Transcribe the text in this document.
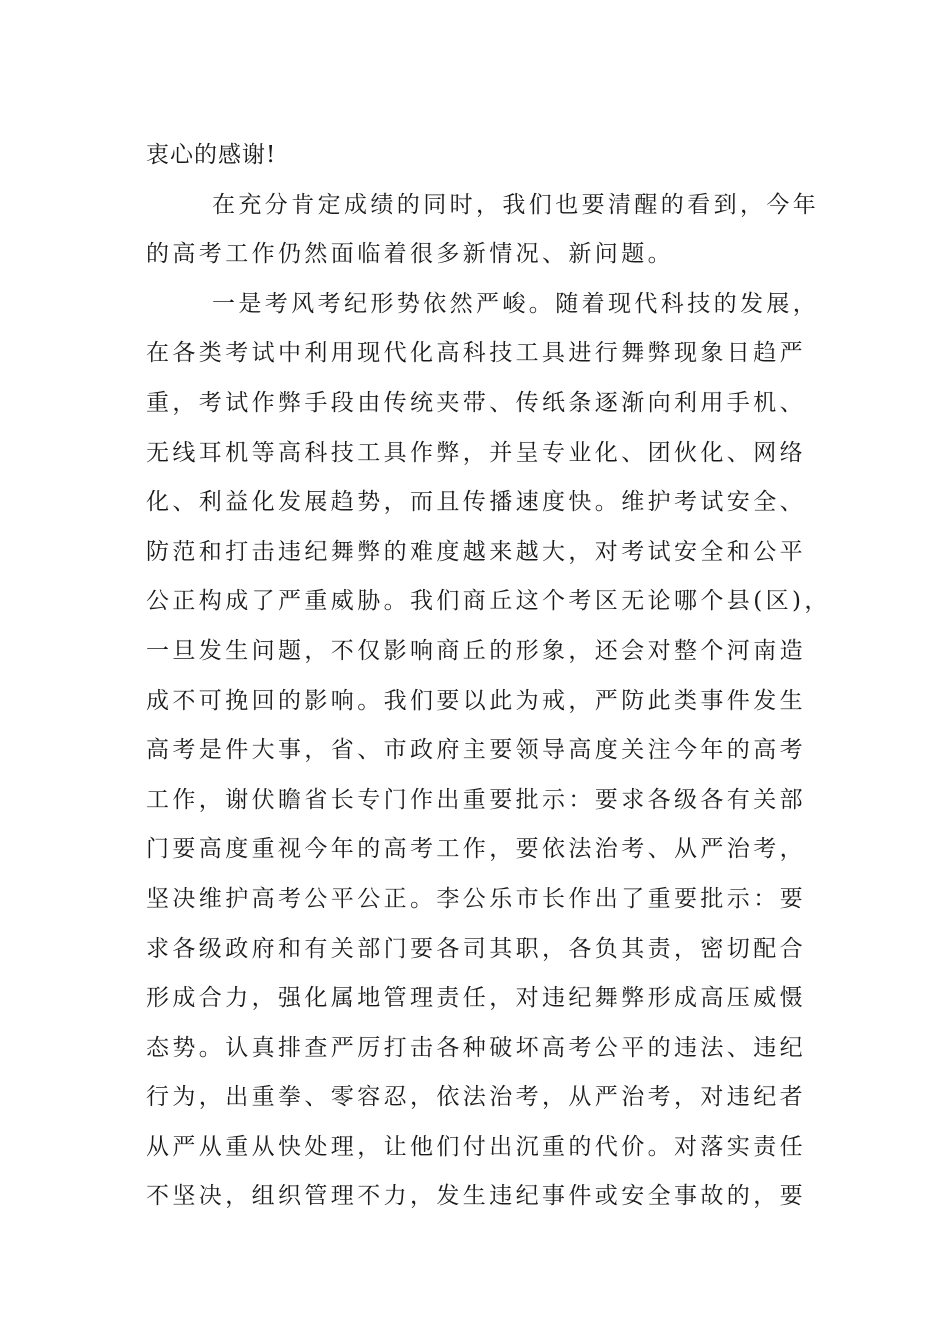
衷心的感谢!
在充分肯定成绩的同时，我们也要清醒的看到，今年
的高考工作仍然面临着很多新情况、新问题。
一是考风考纪形势依然严峻。随着现代科技的发展，
在各类考试中利用现代化高科技工具进行舞弊现象日趋严
重，考试作弊手段由传统夹带、传纸条逐渐向利用手机、
无线耳机等高科技工具作弊，并呈专业化、团伙化、网络
化、利益化发展趋势，而且传播速度快。维护考试安全、
防范和打击违纪舞弊的难度越来越大，对考试安全和公平
公正构成了严重威胁。我们商丘这个考区无论哪个县(区)，
一旦发生问题，不仅影响商丘的形象，还会对整个河南造
成不可挽回的影响。我们要以此为戒，严防此类事件发生
高考是件大事，省、市政府主要领导高度关注今年的高考
工作，谢伏瞻省长专门作出重要批示：要求各级各有关部
门要高度重视今年的高考工作，要依法治考、从严治考，
坚决维护高考公平公正。李公乐市长作出了重要批示：要
求各级政府和有关部门要各司其职，各负其责，密切配合
形成合力，强化属地管理责任，对违纪舞弊形成高压威慑
态势。认真排查严厉打击各种破坏高考公平的违法、违纪
行为，出重拳、零容忍，依法治考，从严治考，对违纪者
从严从重从快处理，让他们付出沉重的代价。对落实责任
不坚决，组织管理不力，发生违纪事件或安全事故的，要
